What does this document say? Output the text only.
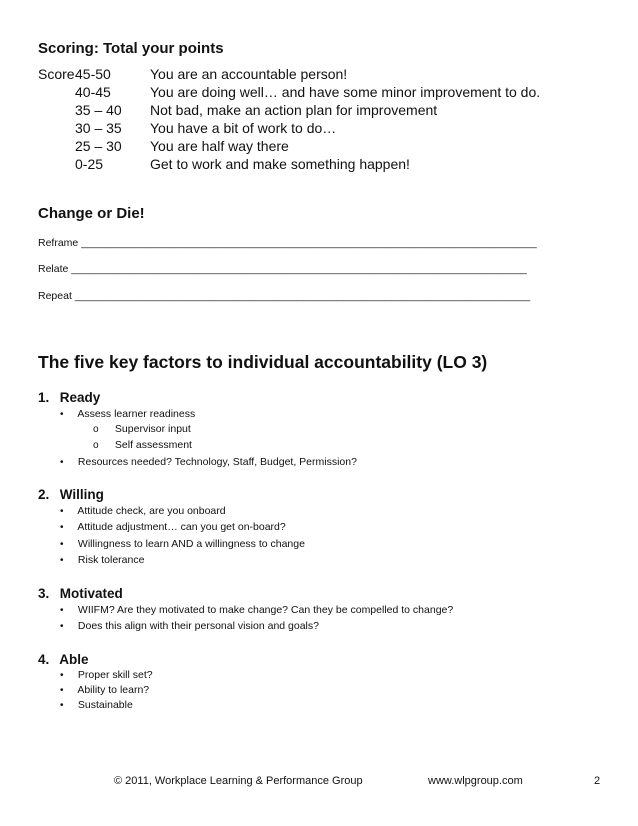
Scoring: Total your points
Score 45-50	You are an accountable person!
40-45	You are doing well… and have some minor improvement to do.
35 – 40 Not bad, make an action plan for improvement
30 – 35 You have a bit of work to do…
25 – 30 You are half way there
0-25	Get to work and make something happen!
Change or Die!
Reframe ______________________________________________________________________________
Relate ______________________________________________________________________________
Repeat ______________________________________________________________________________
The five key factors to individual accountability (LO 3)
1. Ready
• Assess learner readiness
o Supervisor input
o Self assessment
• Resources needed? Technology, Staff, Budget, Permission?
2. Willing
• Attitude check, are you onboard
• Attitude adjustment… can you get on-board?
• Willingness to learn AND a willingness to change
• Risk tolerance
3. Motivated
• WIIFM? Are they motivated to make change? Can they be compelled to change?
• Does this align with their personal vision and goals?
4. Able
• Proper skill set?
• Ability to learn?
• Sustainable
© 2011, Workplace Learning & Performance Group	www.wlpgroup.com	2
